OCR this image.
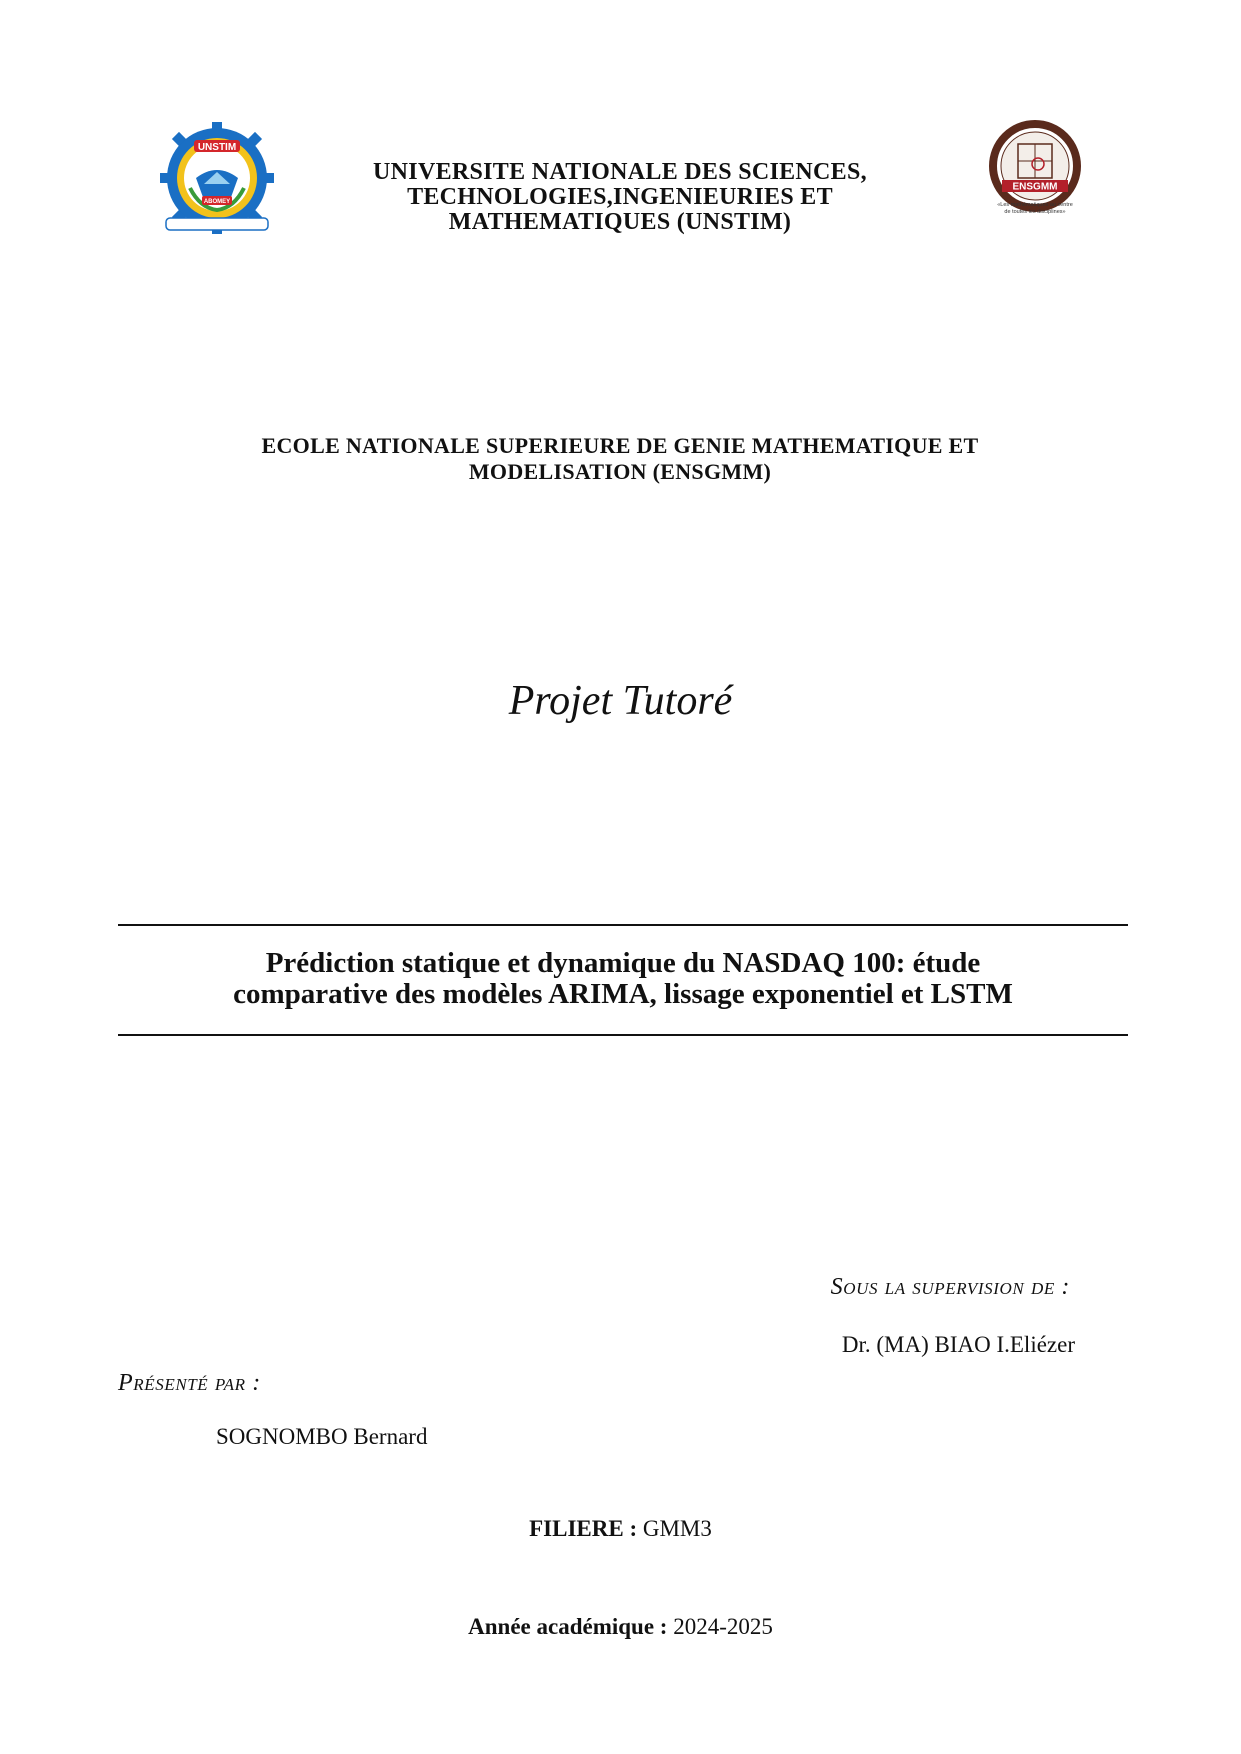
UNSTIM
ABOMEY
UNIVERSITE NATIONALE DES SCIENCES,
TECHNOLOGIES,INGENIEURIES ET
MATHEMATIQUES (UNSTIM)
ENSGMM
«Les mathématiques au centre
de toutes les disciplines»
ECOLE NATIONALE SUPERIEURE DE GENIE MATHEMATIQUE ET
MODELISATION (ENSGMM)
Projet Tutoré
Prédiction statique et dynamique du NASDAQ 100: étude
comparative des modèles ARIMA, lissage exponentiel et LSTM
Sous la supervision de :
Dr. (MA) BIAO I.Eliézer
Présenté par :
SOGNOMBO Bernard
FILIERE : GMM3
Année académique : 2024-2025
